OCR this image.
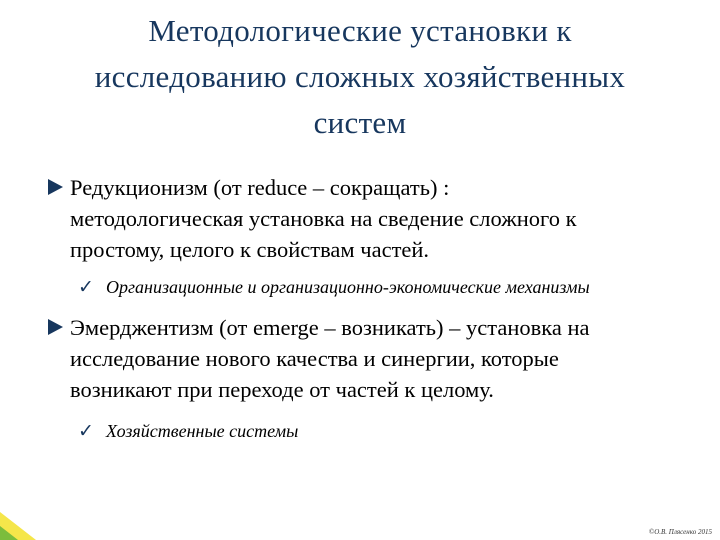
Методологические установки к
исследованию сложных хозяйственных
систем
Редукционизм (от reduce – сокращать) :
методологическая установка на сведение сложного к
простому, целого к свойствам частей.
✓ Организационные и организационно-экономические механизмы
Эмерджентизм (от emerge – возникать) – установка на
исследование нового качества и синергии, которые
возникают при переходе от частей к целому.
✓ Хозяйственные системы
©О.В. Плясенко 2015
